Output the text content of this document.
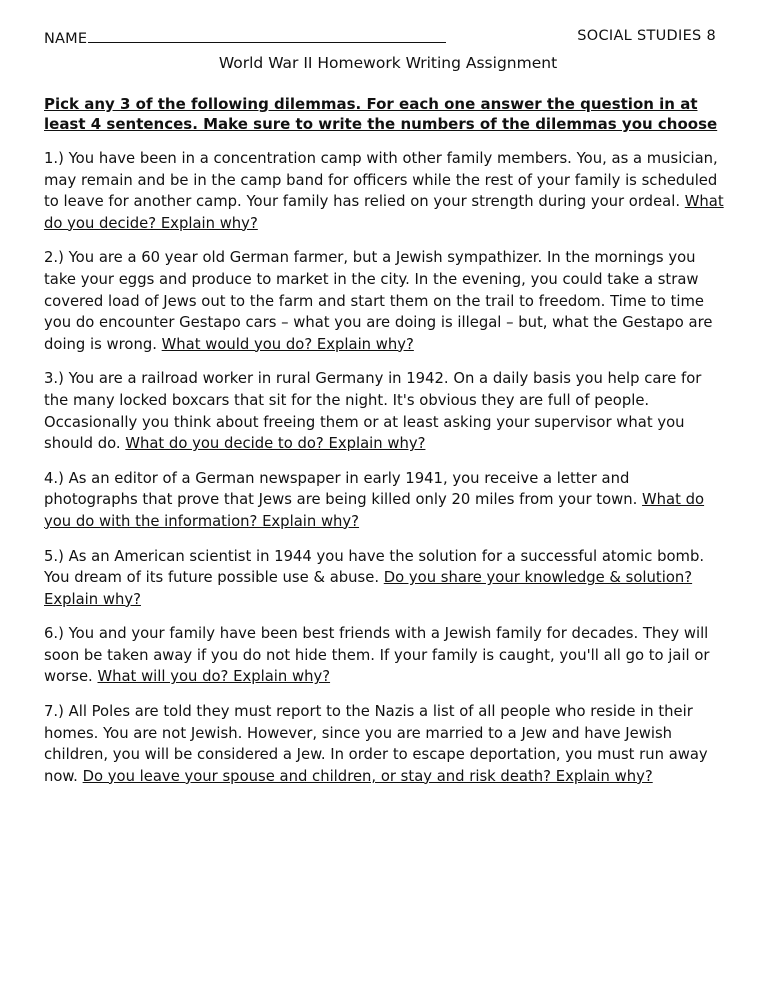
NAME	SOCIAL STUDIES 8
World War II Homework Writing Assignment

Pick any 3 of the following dilemmas. For each one answer the question in at least 4 sentences. Make sure to write the numbers of the dilemmas you choose

1.) You have been in a concentration camp with other family members. You, as a musician, may remain and be in the camp band for officers while the rest of your family is scheduled to leave for another camp. Your family has relied on your strength during your ordeal. What do you decide? Explain why?

2.) You are a 60 year old German farmer, but a Jewish sympathizer. In the mornings you take your eggs and produce to market in the city. In the evening, you could take a straw covered load of Jews out to the farm and start them on the trail to freedom. Time to time you do encounter Gestapo cars – what you are doing is illegal – but, what the Gestapo are doing is wrong. What would you do? Explain why?

3.) You are a railroad worker in rural Germany in 1942. On a daily basis you help care for the many locked boxcars that sit for the night. It's obvious they are full of people. Occasionally you think about freeing them or at least asking your supervisor what you should do. What do you decide to do? Explain why?

4.) As an editor of a German newspaper in early 1941, you receive a letter and photographs that prove that Jews are being killed only 20 miles from your town. What do you do with the information? Explain why?

5.) As an American scientist in 1944 you have the solution for a successful atomic bomb. You dream of its future possible use & abuse. Do you share your knowledge & solution? Explain why?

6.) You and your family have been best friends with a Jewish family for decades. They will soon be taken away if you do not hide them. If your family is caught, you'll all go to jail or worse. What will you do? Explain why?

7.) All Poles are told they must report to the Nazis a list of all people who reside in their homes. You are not Jewish. However, since you are married to a Jew and have Jewish children, you will be considered a Jew. In order to escape deportation, you must run away now. Do you leave your spouse and children, or stay and risk death? Explain why?
